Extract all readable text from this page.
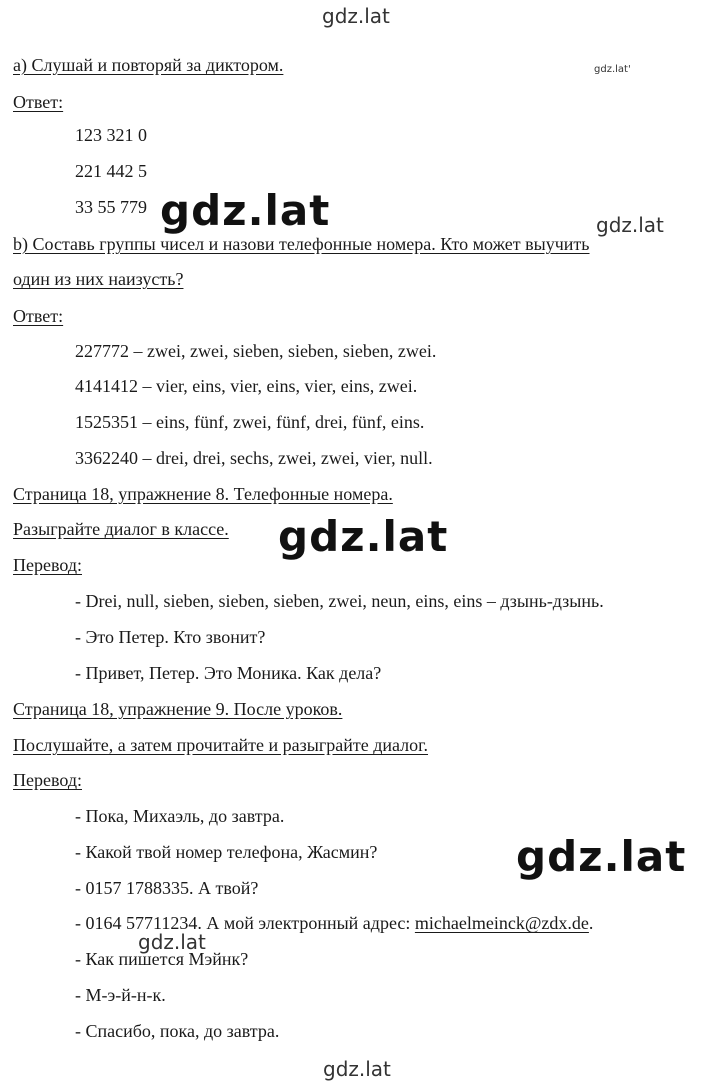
gdz.lat
gdz.lat'
gdz.lat	gdz.lat
gdz.lat
gdz.lat
gdz.lat
gdz.lat
a) Слушай и повторяй за диктором.
Ответ:
123 321 0
221 442 5
33 55 779
b) Составь группы чисел и назови телефонные номера. Кто может выучить
один из них наизусть?
Ответ:
227772 – zwei, zwei, sieben, sieben, sieben, zwei.
4141412 – vier, eins, vier, eins, vier, eins, zwei.
1525351 – eins, fünf, zwei, fünf, drei, fünf, eins.
3362240 – drei, drei, sechs, zwei, zwei, vier, null.
Страница 18, упражнение 8. Телефонные номера.
Разыграйте диалог в классе.
Перевод:
- Drei, null, sieben, sieben, sieben, zwei, neun, eins, eins – дзынь-дзынь.
- Это Петер. Кто звонит?
- Привет, Петер. Это Моника. Как дела?
Страница 18, упражнение 9. После уроков.
Послушайте, а затем прочитайте и разыграйте диалог.
Перевод:
- Пока, Михаэль, до завтра.
- Какой твой номер телефона, Жасмин?
- 0157 1788335. А твой?
- 0164 57711234. А мой электронный адрес: michaelmeinck@zdx.de.
- Как пишется Мэйнк?
- М-э-й-н-к.
- Спасибо, пока, до завтра.
